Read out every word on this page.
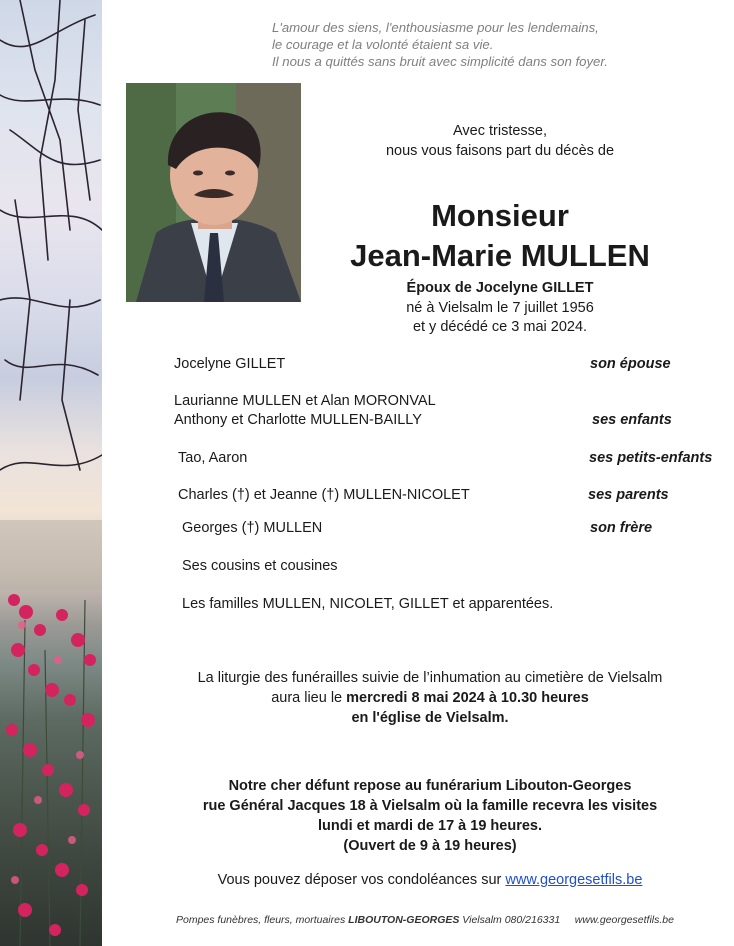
L'amour des siens, l'enthousiasme pour les lendemains,
le courage et la volonté étaient sa vie.
Il nous a quittés sans bruit avec simplicité dans son foyer.
Avec tristesse,
nous vous faisons part du décès de
Monsieur
Jean-Marie MULLEN
Époux de Jocelyne GILLET
né à Vielsalm le 7 juillet 1956
et y décédé ce 3 mai 2024.
Jocelyne GILLET	son épouse
Laurianne MULLEN et Alan MORONVAL
Anthony et Charlotte MULLEN-BAILLY	ses enfants
Tao, Aaron	ses petits-enfants
Charles (†) et Jeanne (†) MULLEN-NICOLET	ses parents
Georges (†) MULLEN	son frère
Ses cousins et cousines
Les familles MULLEN, NICOLET, GILLET et apparentées.
La liturgie des funérailles suivie de l’inhumation au cimetière de Vielsalm
aura lieu le mercredi 8 mai 2024 à 10.30 heures
en l'église de Vielsalm.
Notre cher défunt repose au funérarium Libouton-Georges
rue Général Jacques 18 à Vielsalm où la famille recevra les visites
lundi et mardi de 17 à 19 heures.
(Ouvert de 9 à 19 heures)
Vous pouvez déposer vos condoléances sur www.georgesetfils.be
Pompes funèbres, fleurs, mortuaires LIBOUTON-GEORGES Vielsalm 080/216331     www.georgesetfils.be
